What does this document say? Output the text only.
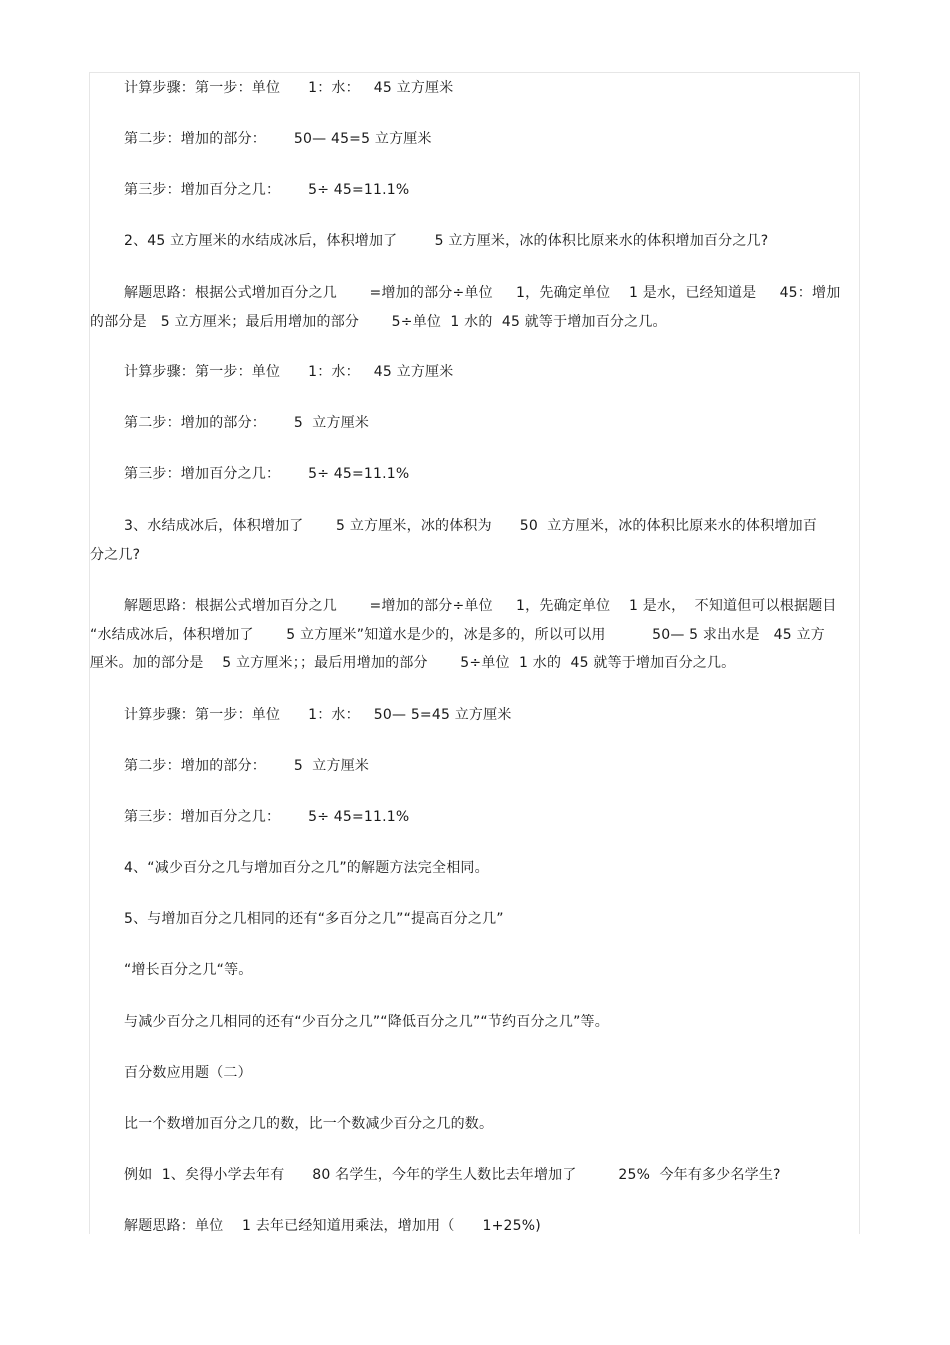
计算步骤：第一步：单位      1：水：   45 立方厘米
第二步：增加的部分：      50— 45=5 立方厘米
第三步：增加百分之几：      5÷ 45=11.1%
2、45 立方厘米的水结成冰后，体积增加了        5 立方厘米，冰的体积比原来水的体积增加百分之几?
解题思路：根据公式增加百分之几       =增加的部分÷单位     1，先确定单位    1 是水，已经知道是     45：增加
的部分是   5 立方厘米；最后用增加的部分       5÷单位  1 水的  45 就等于增加百分之几。
计算步骤：第一步：单位      1：水：   45 立方厘米
第二步：增加的部分：      5  立方厘米
第三步：增加百分之几：      5÷ 45=11.1%
3、水结成冰后，体积增加了       5 立方厘米，冰的体积为      50  立方厘米，冰的体积比原来水的体积增加百
分之几?
解题思路：根据公式增加百分之几       =增加的部分÷单位     1，先确定单位    1 是水，  不知道但可以根据题目
“水结成冰后，体积增加了       5 立方厘米”知道水是少的，冰是多的，所以可以用          50— 5 求出水是   45 立方
厘米。加的部分是    5 立方厘米；；最后用增加的部分       5÷单位  1 水的  45 就等于增加百分之几。
计算步骤：第一步：单位      1：水：   50— 5=45 立方厘米
第二步：增加的部分：      5  立方厘米
第三步：增加百分之几：      5÷ 45=11.1%
4、“减少百分之几与增加百分之几”的解题方法完全相同。
5、与增加百分之几相同的还有“多百分之几”“提高百分之几”
“增长百分之几“等。
与减少百分之几相同的还有“少百分之几”“降低百分之几”“节约百分之几”等。
百分数应用题（二）
比一个数增加百分之几的数，比一个数减少百分之几的数。
例如  1、矣得小学去年有      80 名学生，今年的学生人数比去年增加了         25%  今年有多少名学生?
解题思路：单位    1 去年已经知道用乘法，增加用（      1+25%)
